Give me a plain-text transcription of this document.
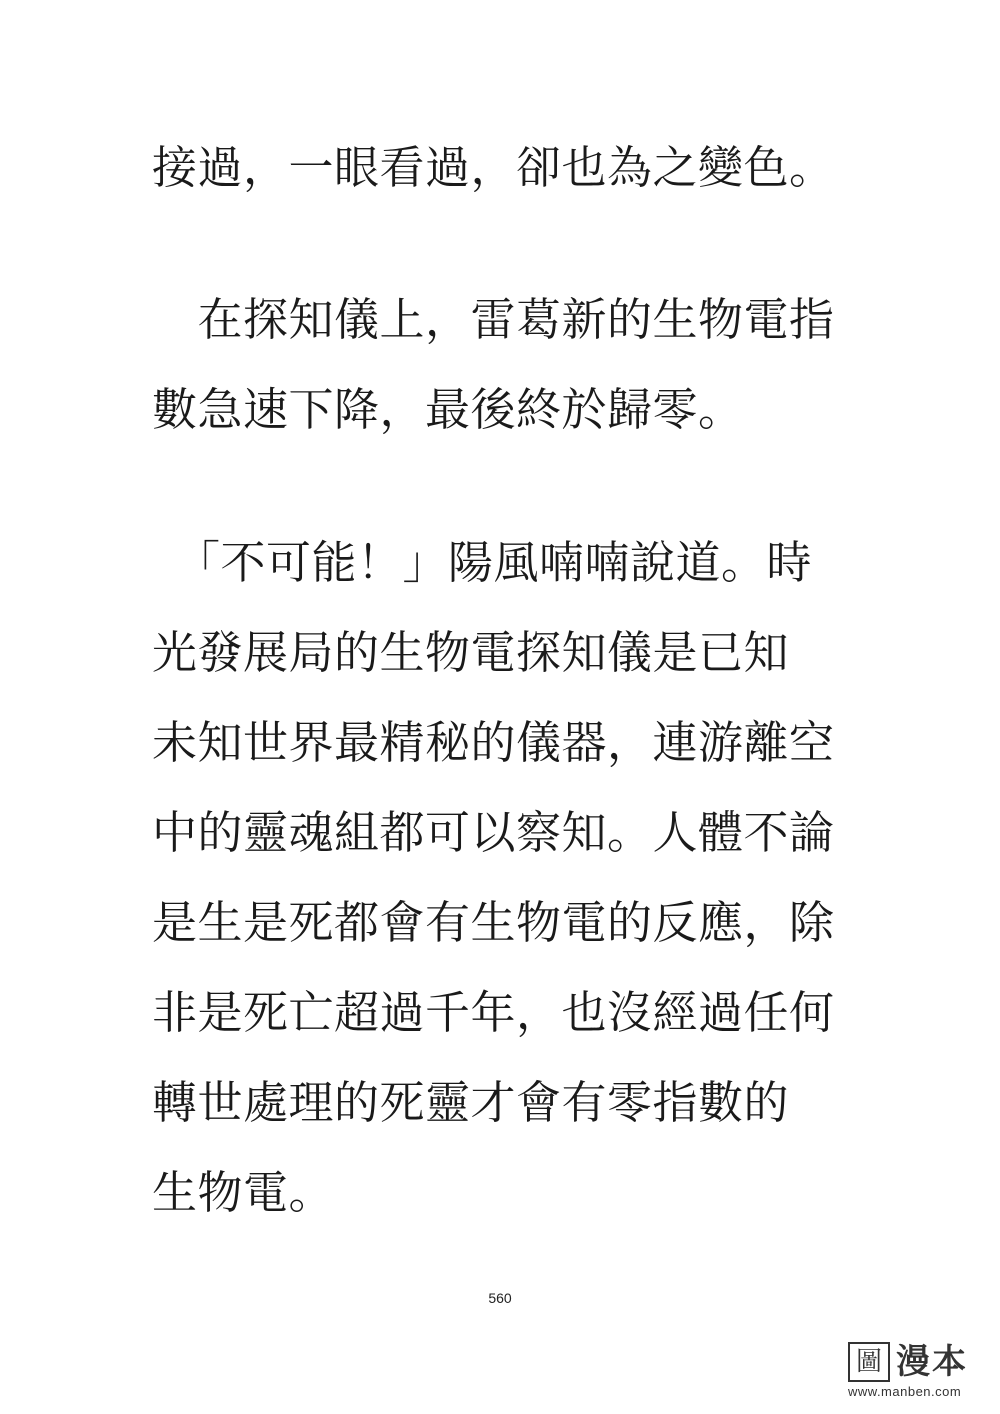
接過，一眼看過，卻也為之變色。
　在探知儀上，雷葛新的生物電指
數急速下降，最後終於歸零。
　「不可能！」陽風喃喃說道。時
光發展局的生物電探知儀是已知
未知世界最精秘的儀器，連游離空
中的靈魂組都可以察知。人體不論
是生是死都會有生物電的反應，除
非是死亡超過千年，也沒經過任何
轉世處理的死靈才會有零指數的
生物電。
560
圖 漫本
www.manben.com
